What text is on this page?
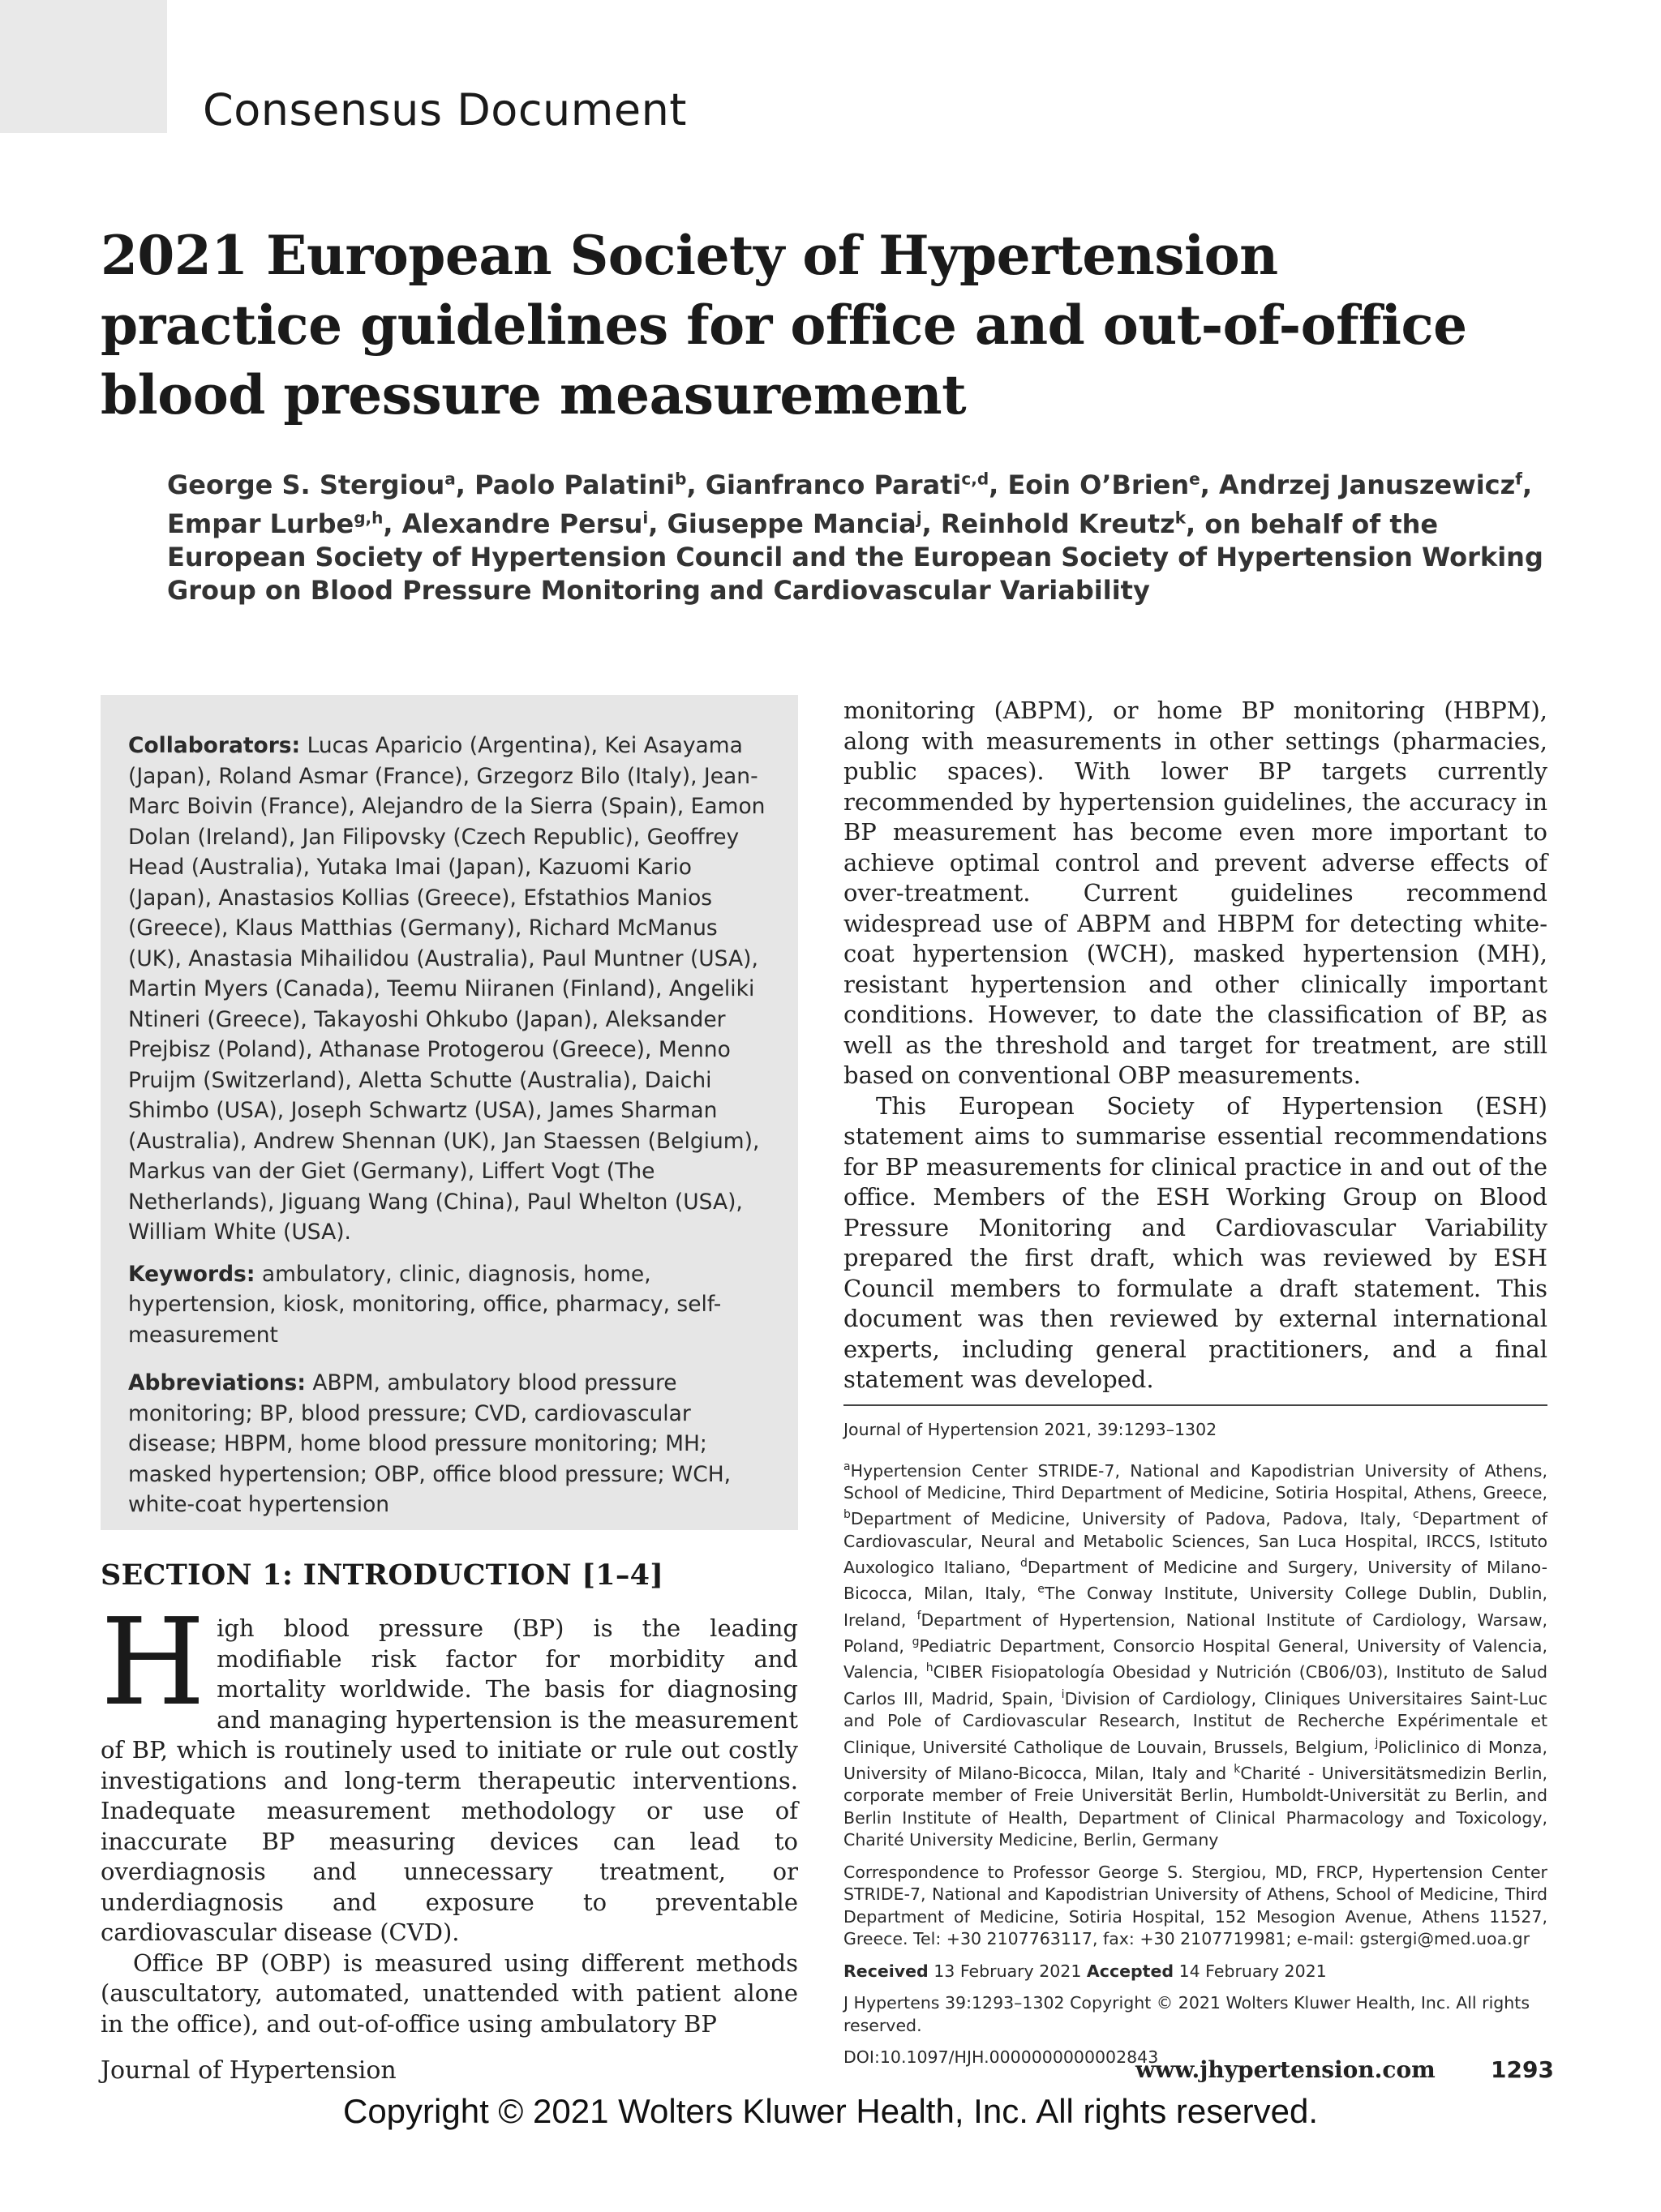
Consensus Document
2021 European Society of Hypertension practice guidelines for office and out-of-office blood pressure measurement
George S. Stergiou$^a$, Paolo Palatini$^b$, Gianfranco Parati$^{c,d}$, Eoin O’Brien$^e$, Andrzej Januszewicz$^f$, Empar Lurbe$^{g,h}$, Alexandre Persu$^i$, Giuseppe Mancia$^j$, Reinhold Kreutz$^k$, on behalf of the European Society of Hypertension Council and the European Society of Hypertension Working Group on Blood Pressure Monitoring and Cardiovascular Variability

Collaborators: Lucas Aparicio (Argentina), Kei Asayama (Japan), Roland Asmar (France), Grzegorz Bilo (Italy), Jean-Marc Boivin (France), Alejandro de la Sierra (Spain), Eamon Dolan (Ireland), Jan Filipovsky (Czech Republic), Geoffrey Head (Australia), Yutaka Imai (Japan), Kazuomi Kario (Japan), Anastasios Kollias (Greece), Efstathios Manios (Greece), Klaus Matthias (Germany), Richard McManus (UK), Anastasia Mihailidou (Australia), Paul Muntner (USA), Martin Myers (Canada), Teemu Niiranen (Finland), Angeliki Ntineri (Greece), Takayoshi Ohkubo (Japan), Aleksander Prejbisz (Poland), Athanase Protogerou (Greece), Menno Pruijm (Switzerland), Aletta Schutte (Australia), Daichi Shimbo (USA), Joseph Schwartz (USA), James Sharman (Australia), Andrew Shennan (UK), Jan Staessen (Belgium), Markus van der Giet (Germany), Liffert Vogt (The Netherlands), Jiguang Wang (China), Paul Whelton (USA), William White (USA).

Keywords: ambulatory, clinic, diagnosis, home, hypertension, kiosk, monitoring, office, pharmacy, self-measurement

Abbreviations: ABPM, ambulatory blood pressure monitoring; BP, blood pressure; CVD, cardiovascular disease; HBPM, home blood pressure monitoring; MH; masked hypertension; OBP, office blood pressure; WCH, white-coat hypertension

SECTION 1: INTRODUCTION [1–4]

High blood pressure (BP) is the leading modifiable risk factor for morbidity and mortality worldwide. The basis for diagnosing and managing hypertension is the measurement of BP, which is routinely used to initiate or rule out costly investigations and long-term therapeutic interventions. Inadequate measurement methodology or use of inaccurate BP measuring devices can lead to overdiagnosis and unnecessary treatment, or underdiagnosis and exposure to preventable cardiovascular disease (CVD).

Office BP (OBP) is measured using different methods (auscultatory, automated, unattended with patient alone in the office), and out-of-office using ambulatory BP

monitoring (ABPM), or home BP monitoring (HBPM), along with measurements in other settings (pharmacies, public spaces). With lower BP targets currently recommended by hypertension guidelines, the accuracy in BP measurement has become even more important to achieve optimal control and prevent adverse effects of over-treatment. Current guidelines recommend widespread use of ABPM and HBPM for detecting white-coat hypertension (WCH), masked hypertension (MH), resistant hypertension and other clinically important conditions. However, to date the classification of BP, as well as the threshold and target for treatment, are still based on conventional OBP measurements.

This European Society of Hypertension (ESH) statement aims to summarise essential recommendations for BP measurements for clinical practice in and out of the office. Members of the ESH Working Group on Blood Pressure Monitoring and Cardiovascular Variability prepared the first draft, which was reviewed by ESH Council members to formulate a draft statement. This document was then reviewed by external international experts, including general practitioners, and a final statement was developed.

Journal of Hypertension 2021, 39:1293–1302

$^a$Hypertension Center STRIDE-7, National and Kapodistrian University of Athens, School of Medicine, Third Department of Medicine, Sotiria Hospital, Athens, Greece, $^b$Department of Medicine, University of Padova, Padova, Italy, $^c$Department of Cardiovascular, Neural and Metabolic Sciences, San Luca Hospital, IRCCS, Istituto Auxologico Italiano, $^d$Department of Medicine and Surgery, University of Milano-Bicocca, Milan, Italy, $^e$The Conway Institute, University College Dublin, Dublin, Ireland, $^f$Department of Hypertension, National Institute of Cardiology, Warsaw, Poland, $^g$Pediatric Department, Consorcio Hospital General, University of Valencia, Valencia, $^h$CIBER Fisiopatología Obesidad y Nutrición (CB06/03), Instituto de Salud Carlos III, Madrid, Spain, $^i$Division of Cardiology, Cliniques Universitaires Saint-Luc and Pole of Cardiovascular Research, Institut de Recherche Expérimentale et Clinique, Université Catholique de Louvain, Brussels, Belgium, $^j$Policlinico di Monza, University of Milano-Bicocca, Milan, Italy and $^k$Charité - Universitätsmedizin Berlin, corporate member of Freie Universität Berlin, Humboldt-Universität zu Berlin, and Berlin Institute of Health, Department of Clinical Pharmacology and Toxicology, Charité University Medicine, Berlin, Germany

Correspondence to Professor George S. Stergiou, MD, FRCP, Hypertension Center STRIDE-7, National and Kapodistrian University of Athens, School of Medicine, Third Department of Medicine, Sotiria Hospital, 152 Mesogion Avenue, Athens 11527, Greece. Tel: +30 2107763117, fax: +30 2107719981; e-mail: gstergi@med.uoa.gr

Received 13 February 2021 Accepted 14 February 2021

J Hypertens 39:1293–1302 Copyright © 2021 Wolters Kluwer Health, Inc. All rights reserved.

DOI:10.1097/HJH.0000000000002843

Journal of Hypertension	www.jhypertension.com 1293
Copyright © 2021 Wolters Kluwer Health, Inc. All rights reserved.
